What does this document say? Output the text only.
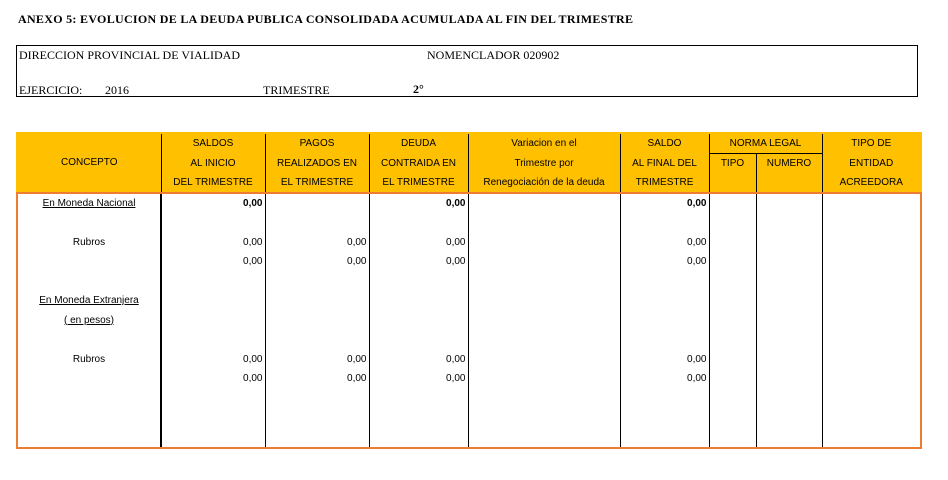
ANEXO 5: EVOLUCION DE LA DEUDA PUBLICA CONSOLIDADA ACUMULADA AL FIN DEL TRIMESTRE
DIRECCION PROVINCIAL DE VIALIDAD	NOMENCLADOR 020902
EJERCICIO: 2016	TRIMESTRE	2°
CONCEPTO	SALDOS	PAGOS	DEUDA	Variacion en el	SALDO	NORMA LEGAL		TIPO DE
	AL INICIO	REALIZADOS EN	CONTRAIDA EN	Trimestre por	AL FINAL DEL	TIPO	NUMERO	ENTIDAD
	DEL TRIMESTRE	EL TRIMESTRE	EL TRIMESTRE	Renegociación de la deuda	TRIMESTRE			ACREEDORA
En Moneda Nacional	0,00		0,00		0,00			

Rubros	0,00	0,00	0,00		0,00			
	0,00	0,00	0,00		0,00			

En Moneda Extranjera								
( en pesos)								

Rubros	0,00	0,00	0,00		0,00			
	0,00	0,00	0,00		0,00			
